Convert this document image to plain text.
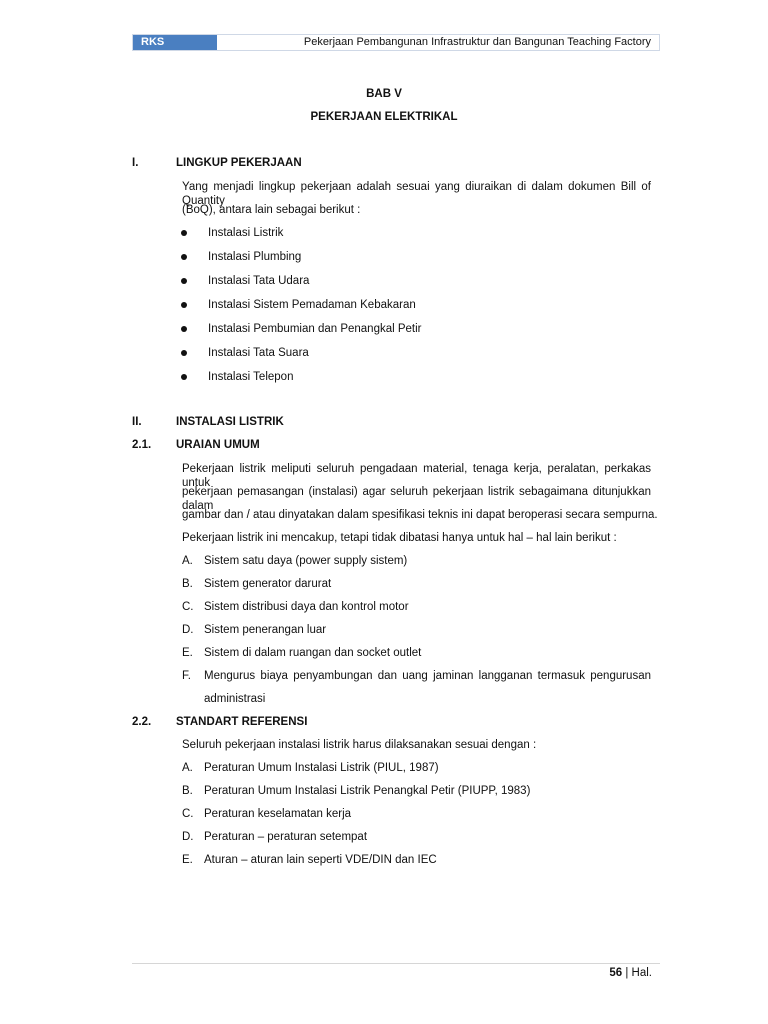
RKS	Pekerjaan Pembangunan Infrastruktur dan Bangunan Teaching Factory
BAB V
PEKERJAAN ELEKTRIKAL
I.	LINGKUP PEKERJAAN
Yang menjadi lingkup pekerjaan adalah sesuai yang diuraikan di dalam dokumen Bill of Quantity
(BoQ), antara lain sebagai berikut :
Instalasi Listrik
Instalasi Plumbing
Instalasi Tata Udara
Instalasi Sistem Pemadaman Kebakaran
Instalasi Pembumian dan Penangkal Petir
Instalasi Tata Suara
Instalasi Telepon
II.	INSTALASI LISTRIK
2.1. URAIAN UMUM
Pekerjaan listrik meliputi seluruh pengadaan material, tenaga kerja, peralatan, perkakas untuk
pekerjaan pemasangan (instalasi) agar seluruh pekerjaan listrik sebagaimana ditunjukkan dalam
gambar dan / atau dinyatakan dalam spesifikasi teknis ini dapat beroperasi secara sempurna.
Pekerjaan listrik ini mencakup, tetapi tidak dibatasi hanya untuk hal – hal lain berikut :
A. Sistem satu daya (power supply sistem)
B. Sistem generator darurat
C. Sistem distribusi daya dan kontrol motor
D. Sistem penerangan luar
E. Sistem di dalam ruangan dan socket outlet
F. Mengurus biaya penyambungan dan uang jaminan langganan termasuk pengurusan
administrasi
2.2. STANDART REFERENSI
Seluruh pekerjaan instalasi listrik harus dilaksanakan sesuai dengan :
A. Peraturan Umum Instalasi Listrik (PIUL, 1987)
B. Peraturan Umum Instalasi Listrik Penangkal Petir (PIUPP, 1983)
C. Peraturan keselamatan kerja
D. Peraturan – peraturan setempat
E. Aturan – aturan lain seperti VDE/DIN dan IEC
56 | Hal.
